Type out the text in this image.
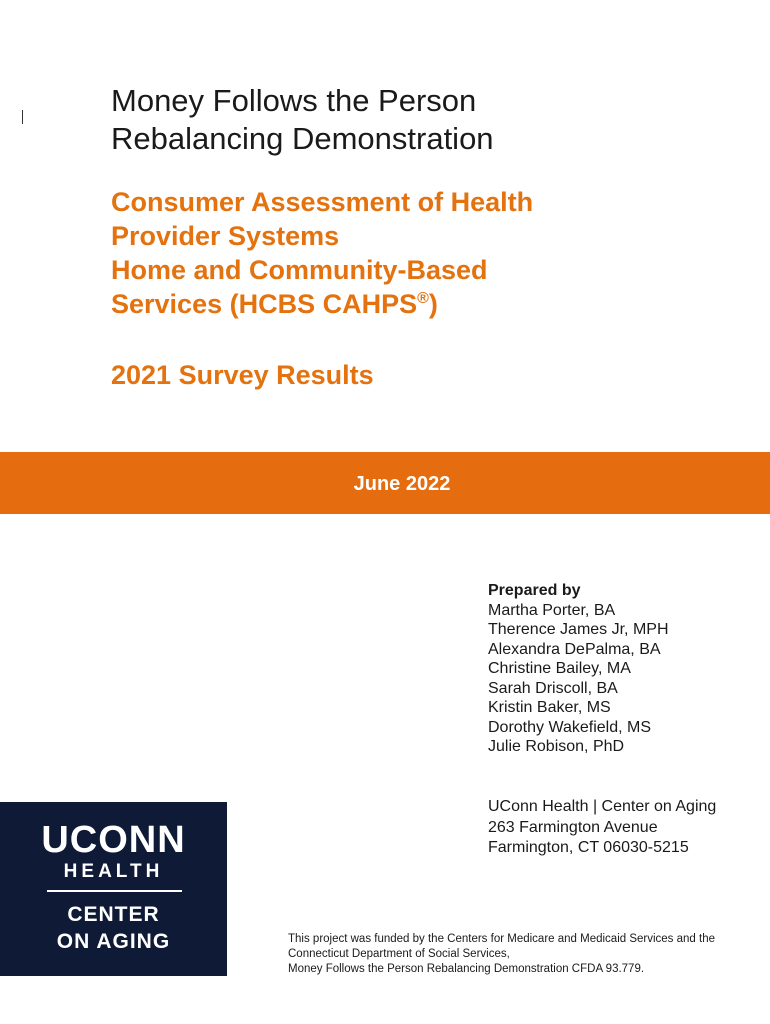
Money Follows the Person
Rebalancing Demonstration
Consumer Assessment of Health
Provider Systems
Home and Community-Based
Services (HCBS CAHPS®)
2021 Survey Results
June 2022
Prepared by
Martha Porter, BA
Therence James Jr, MPH
Alexandra DePalma, BA
Christine Bailey, MA
Sarah Driscoll, BA
Kristin Baker, MS
Dorothy Wakefield, MS
Julie Robison, PhD
UConn Health | Center on Aging
263 Farmington Avenue
Farmington, CT 06030-5215
UCONN
HEALTH
CENTER
ON AGING	This project was funded by the Centers for Medicare and Medicaid Services and the
Connecticut Department of Social Services,
Money Follows the Person Rebalancing Demonstration CFDA 93.779.
